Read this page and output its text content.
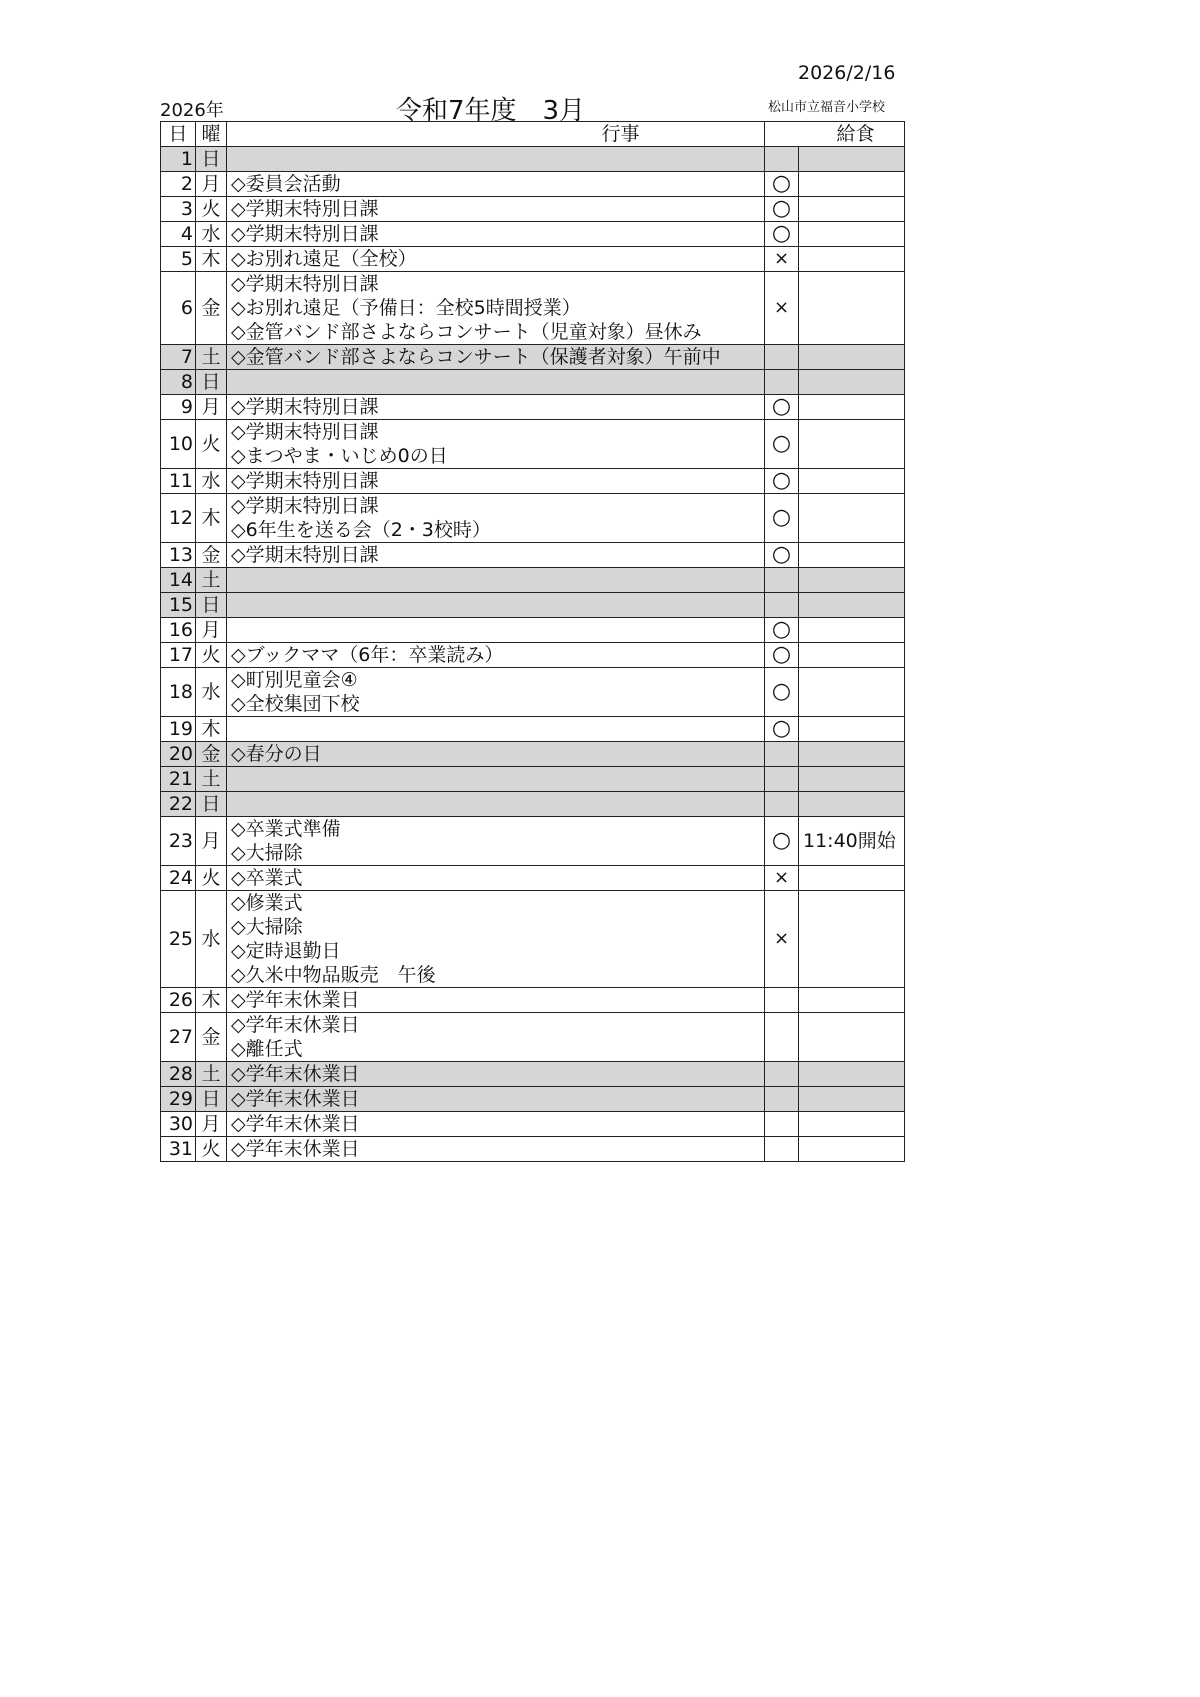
2026/2/16
2026年	令和7年度　3月	松山市立福音小学校
日	曜	行事	給食	
1	日	

2	月	◇委員会活動	○	
3	火	◇学期末特別日課	○	
4	水	◇学期末特別日課	○	
5	木	◇お別れ遠足（全校）	×	
6	金	◇学期末特別日課
◇お別れ遠足（予備日：全校5時間授業）
◇金管バンド部さよならコンサート（児童対象）昼休み	×	
7	土	◇金管バンド部さよならコンサート（保護者対象）午前中		

8	日	

9	月	◇学期末特別日課	○	
10	火	◇学期末特別日課
◇まつやま・いじめ0の日	○	
11	水	◇学期末特別日課	○	
12	木	◇学期末特別日課
◇6年生を送る会（2・3校時）	○	
13	金	◇学期末特別日課	○	
14	土	

15	日	

16	月		○	
17	火	◇ブックママ（6年：卒業読み）	○	
18	水	◇町別児童会④
◇全校集団下校	○	
19	木		○	
20	金	◇春分の日		

21	土	

22	日	

23	月	◇卒業式準備
◇大掃除	○	11:40開始
24	火	◇卒業式	×	
25	水	◇修業式
◇大掃除
◇定時退勤日
◇久米中物品販売　午後	×	
26	木	◇学年末休業日		

27	金	◇学年末休業日
◇離任式		

28	土	◇学年末休業日		

29	日	◇学年末休業日		

30	月	◇学年末休業日		

31	火	◇学年末休業日		
